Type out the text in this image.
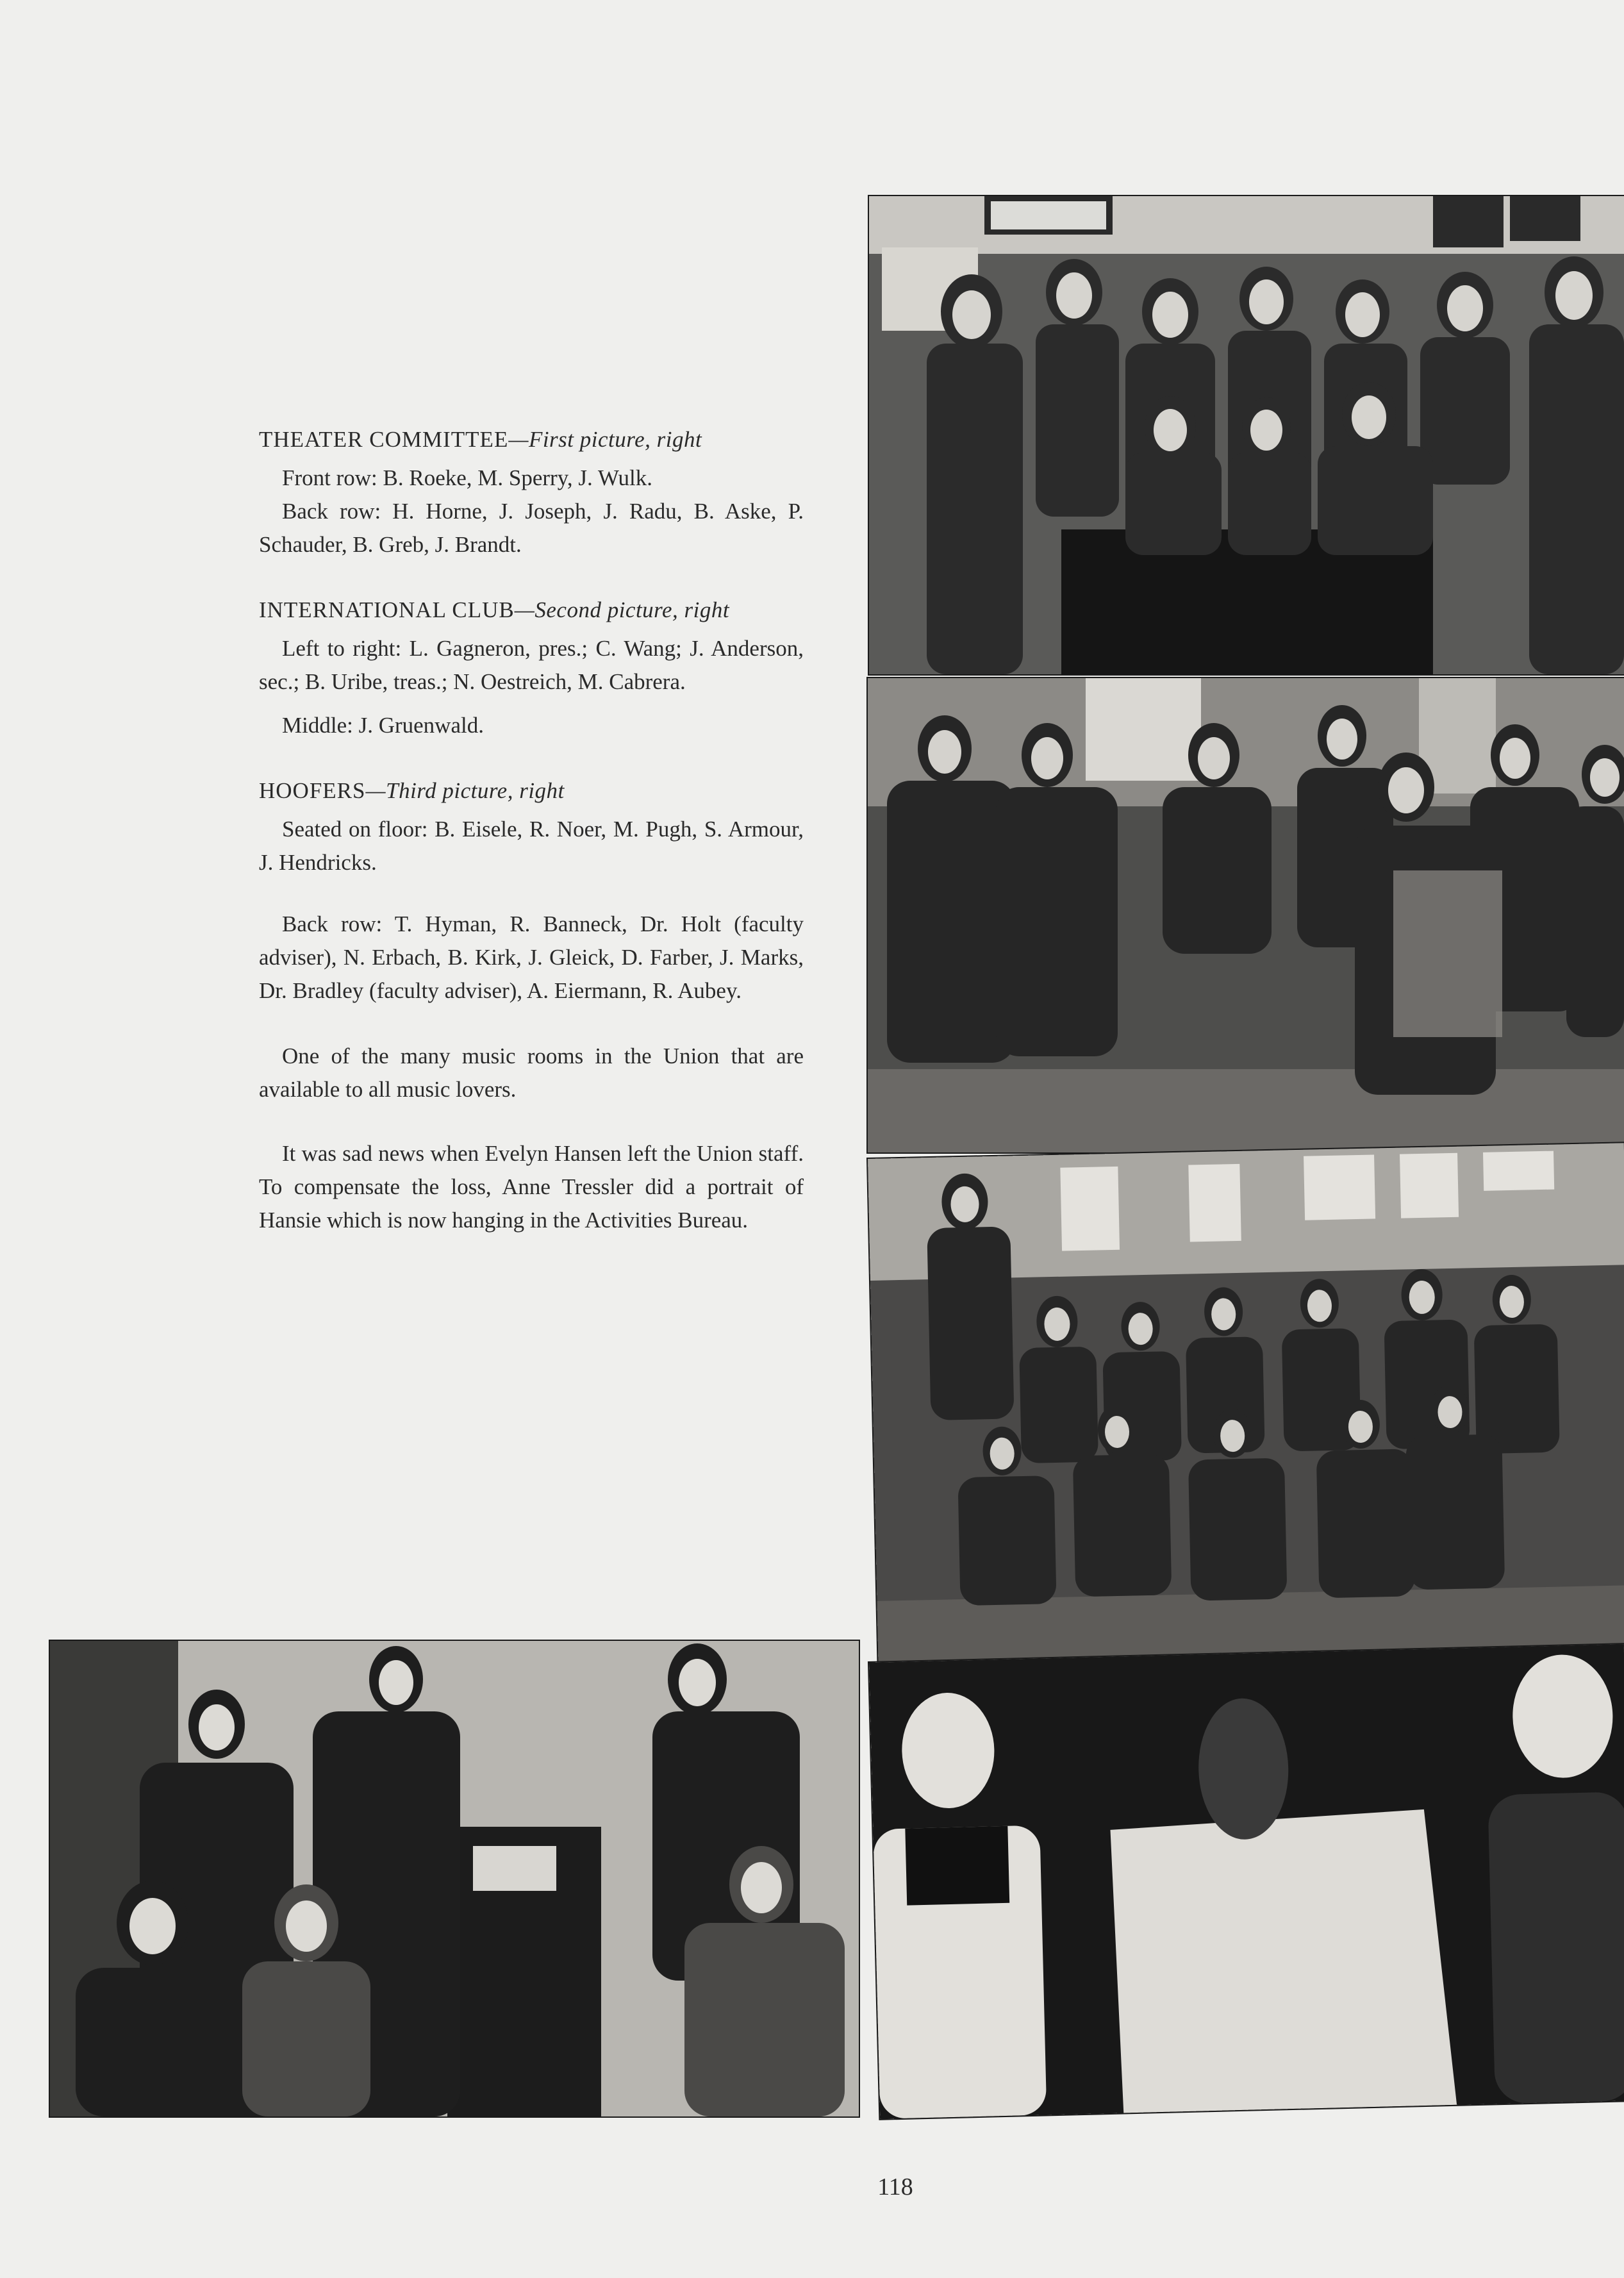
THEATER COMMITTEE—First picture, right

Front row: B. Roeke, M. Sperry, J. Wulk.

Back row: H. Horne, J. Joseph, J. Radu, B. Aske, P. Schauder, B. Greb, J. Brandt.

INTERNATIONAL CLUB—Second picture, right

Left to right: L. Gagneron, pres.; C. Wang; J. Anderson, sec.; B. Uribe, treas.; N. Oestreich, M. Cabrera.

Middle: J. Gruenwald.

HOOFERS—Third picture, right

Seated on floor: B. Eisele, R. Noer, M. Pugh, S. Armour, J. Hendricks.

Back row: T. Hyman, R. Banneck, Dr. Holt (faculty adviser), N. Erbach, B. Kirk, J. Gleick, D. Farber, J. Marks, Dr. Bradley (faculty adviser), A. Eiermann, R. Aubey.

One of the many music rooms in the Union that are available to all music lovers.

It was sad news when Evelyn Hansen left the Union staff. To compensate the loss, Anne Tressler did a portrait of Hansie which is now hanging in the Activities Bureau.

118
